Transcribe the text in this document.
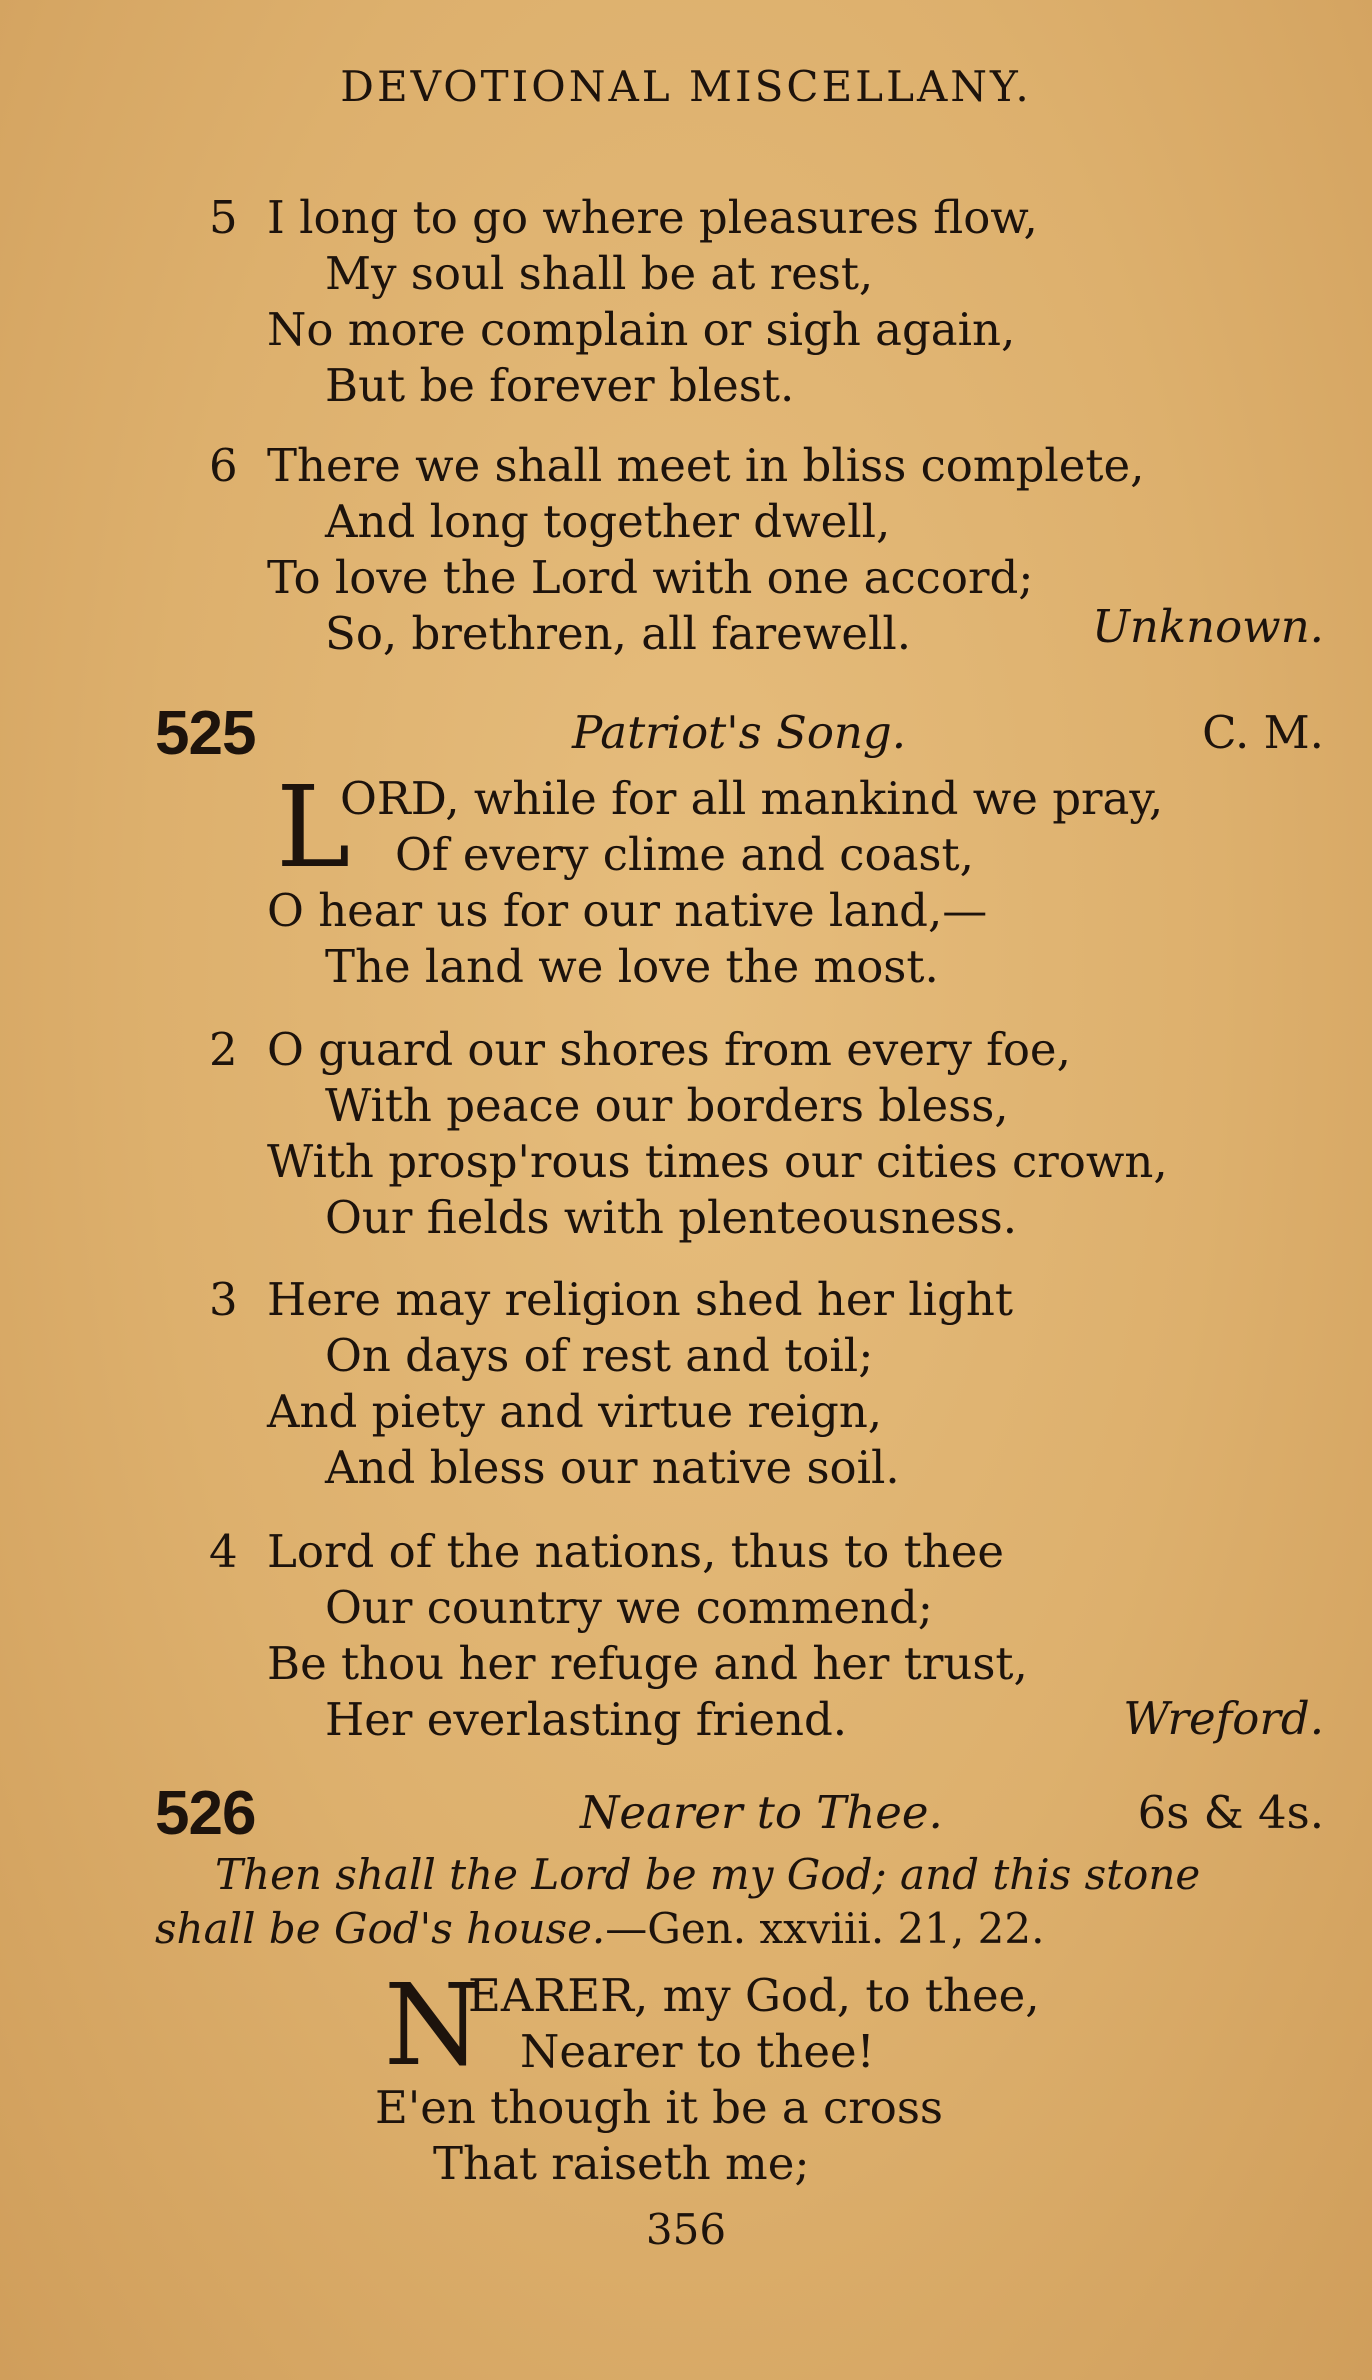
DEVOTIONAL MISCELLANY.
5 I long to go where pleasures flow,
My soul shall be at rest,
No more complain or sigh again,
But be forever blest.
6 There we shall meet in bliss complete,
And long together dwell,
To love the Lord with one accord;
So, brethren, all farewell.	Unknown.
525	Patriot's Song.	C. M.
L
ORD, while for all mankind we pray,
Of every clime and coast,
O hear us for our native land,—
The land we love the most.
2 O guard our shores from every foe,
With peace our borders bless,
With prosp'rous times our cities crown,
Our fields with plenteousness.
3 Here may religion shed her light
On days of rest and toil;
And piety and virtue reign,
And bless our native soil.
4 Lord of the nations, thus to thee
Our country we commend;
Be thou her refuge and her trust,
Her everlasting friend.	Wreford.
526	Nearer to Thee.	6s & 4s.
Then shall the Lord be my God; and this stone
shall be God's house.—Gen. xxviii. 21, 22.
N
EARER, my God, to thee,
Nearer to thee!
E'en though it be a cross
That raiseth me;
356
